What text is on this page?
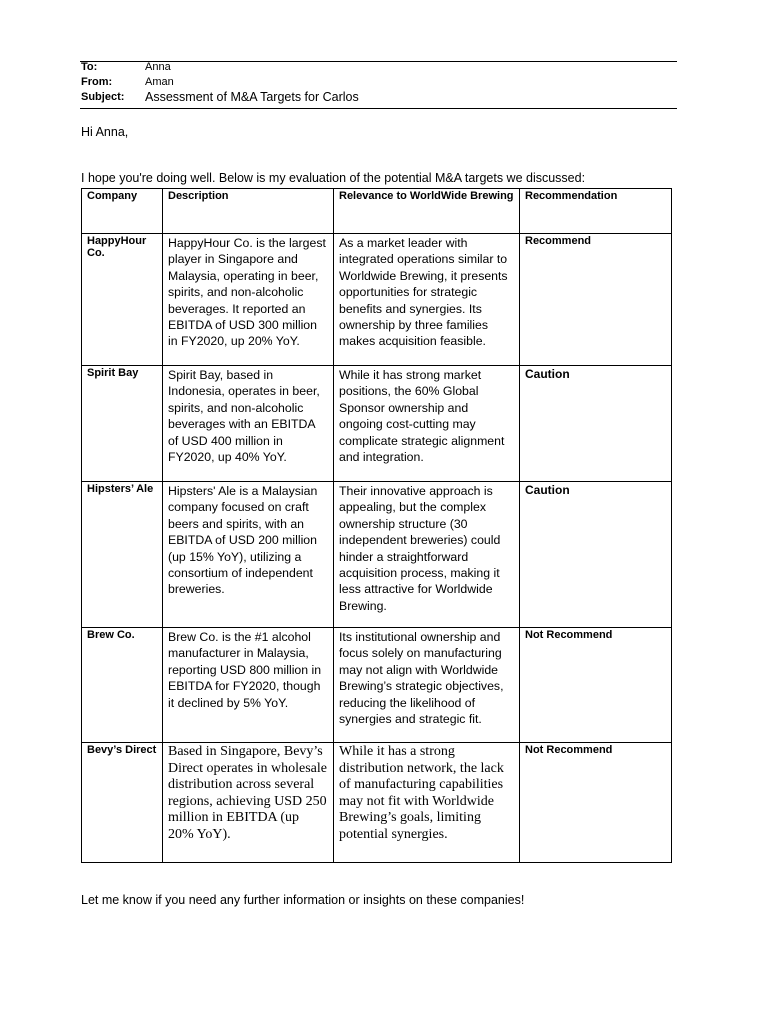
To:	Anna
From:	Aman
Subject: Assessment of M&A Targets for Carlos
Hi Anna,
I hope you're doing well. Below is my evaluation of the potential M&A targets we discussed:
Company	Description	Relevance to WorldWide Brewing	Recommendation
HappyHour Co.	HappyHour Co. is the largest player in Singapore and Malaysia, operating in beer, spirits, and non-alcoholic beverages. It reported an EBITDA of USD 300 million in FY2020, up 20% YoY.	As a market leader with integrated operations similar to Worldwide Brewing, it presents opportunities for strategic benefits and synergies. Its ownership by three families makes acquisition feasible.	Recommend
Spirit Bay	Spirit Bay, based in Indonesia, operates in beer, spirits, and non-alcoholic beverages with an EBITDA of USD 400 million in FY2020, up 40% YoY.	While it has strong market positions, the 60% Global Sponsor ownership and ongoing cost-cutting may complicate strategic alignment and integration.	Caution
Hipsters’ Ale	Hipsters' Ale is a Malaysian company focused on craft beers and spirits, with an EBITDA of USD 200 million (up 15% YoY), utilizing a consortium of independent breweries.	Their innovative approach is appealing, but the complex ownership structure (30 independent breweries) could hinder a straightforward acquisition process, making it less attractive for Worldwide Brewing.	Caution
Brew Co.	Brew Co. is the #1 alcohol manufacturer in Malaysia, reporting USD 800 million in EBITDA for FY2020, though it declined by 5% YoY.	Its institutional ownership and focus solely on manufacturing may not align with Worldwide Brewing’s strategic objectives, reducing the likelihood of synergies and strategic fit.	Not Recommend
Bevy’s Direct	Based in Singapore, Bevy’s Direct operates in wholesale distribution across several regions, achieving USD 250 million in EBITDA (up 20% YoY).	While it has a strong distribution network, the lack of manufacturing capabilities may not fit with Worldwide Brewing’s goals, limiting potential synergies.	Not Recommend
Let me know if you need any further information or insights on these companies!
